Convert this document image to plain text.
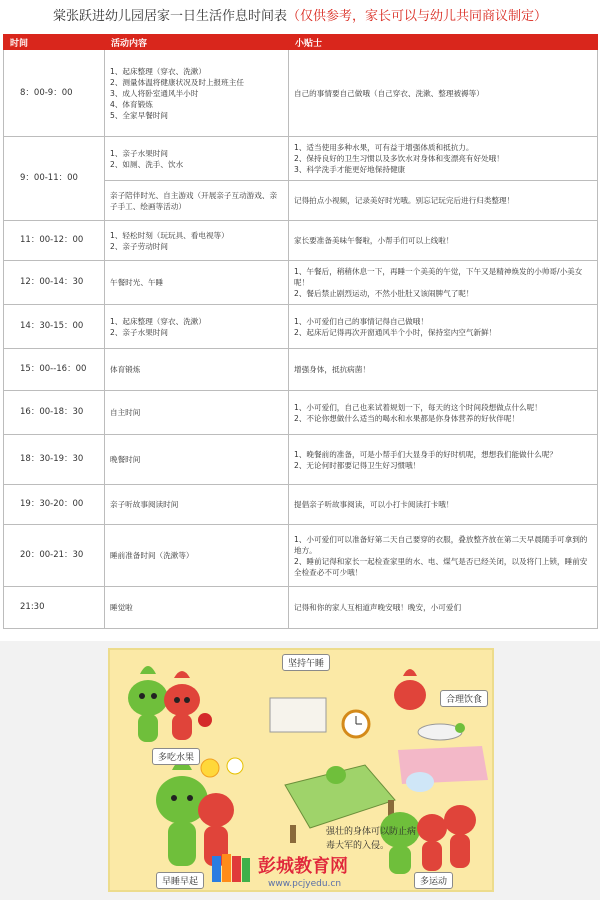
棠张跃进幼儿园居家一日生活作息时间表（仅供参考，家长可以与幼儿共同商议制定）
时间	活动内容	小贴士
8：00-9：00	1、起床整理（穿衣、洗漱）
2、测量体温将健康状况及时上报班主任
3、成人将卧室通风半小时
4、体育锻炼
5、全家早餐时间	自己的事情要自己做哦（自己穿衣、洗漱、整理被褥等）

9：00-11：00	1、亲子水果时间
2、如厕、洗手、饮水	1、适当使用多种水果，可有益于增强体质和抵抗力。
2、保持良好的卫生习惯以及多饮水对身体和变漂亮有好处哦！
3、科学洗手才能更好地保持健康

	亲子陪伴时光、自主游戏（开展亲子互动游戏、亲子手工、绘画等活动）	记得拍点小视频，记录美好时光哦。别忘记玩完后进行归类整理！

11：00-12：00	1、轻松时刻（玩玩具、看电视等）
2、亲子劳动时间	家长要准备美味午餐啦，小帮手们可以上线啦！

12：00-14：30	午餐时光、午睡	1、午餐后，稍稍休息一下，再睡一个美美的午觉，下午又是精神焕发的小帅哥/小美女呢！
2、餐后禁止剧烈运动，不然小肚肚又该闹脾气了呢！

14：30-15：00	1、起床整理（穿衣、洗漱）
2、亲子水果时间	1、小可爱们自己的事情记得自己做哦！
2、起床后记得再次开窗通风半个小时，保持室内空气新鲜！

15：00--16：00	体育锻炼	增强身体，抵抗病菌！

16：00-18：30	自主时间	1、小可爱们，自己也来试着规划一下，每天的这个时间段想做点什么呢！
2、不论你想做什么适当的喝水和水果都是你身体营养的好伙伴呢！

18：30-19：30	晚餐时间	1、晚餐前的准备，可是小帮手们大显身手的好时机呢，想想我们能做什么呢？
2、无论何时都要记得卫生好习惯哦！

19：30-20：00	亲子听故事阅读时间	提倡亲子听故事阅读，可以小打卡阅读打卡哦！

20：00-21：30	睡前准备时间（洗漱等）	1、小可爱们可以准备好第二天自己要穿的衣服，叠放整齐放在第二天早晨随手可拿到的地方。
2、睡前记得和家长一起检查家里的水、电、煤气是否已经关闭，以及将门上锁，睡前安全检查必不可少哦！

21:30	睡觉啦	记得和你的家人互相道声晚安哦！晚安，小可爱们
强壮的身体可以防止病
毒大军的入侵。
坚持午睡
合理饮食
多吃水果
早睡早起	多运动
彭城教育网
www.pcjyedu.cn
